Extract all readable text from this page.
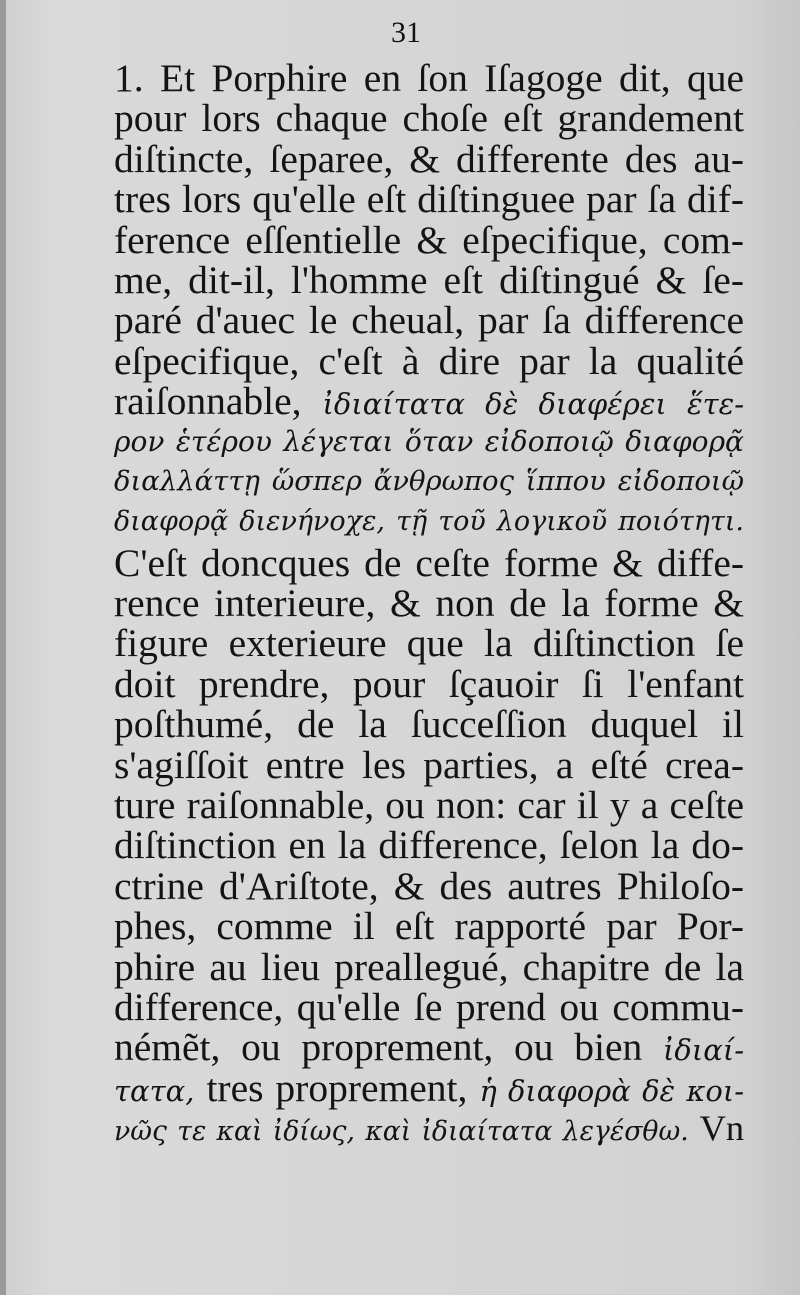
31
1. Et Porphire en ſon Iſagoge dit, que
pour lors chaque choſe eſt grandement
diſtincte, ſeparee, & differente des au-
tres lors qu'elle eſt diſtinguee par ſa dif-
ference eſſentielle & eſpecifique, com-
me, dit-il, l'homme eſt diſtingué & ſe-
paré d'auec le cheual, par ſa difference
eſpecifique, c'eſt à dire par la qualité
raiſonnable, ἰδιαίτατα δὲ διαφέρει ἕτε-
ρον ἑτέρου λέγεται ὅταν εἰδοποιῷ διαφορᾷ
διαλλάττῃ ὥσπερ ἄνθρωπος ἵππου εἰδοποιῷ
διαφορᾷ διενήνοχε, τῇ τοῦ λογικοῦ ποιότητι.
C'eſt doncques de ceſte forme & diffe-
rence interieure, & non de la forme &
figure exterieure que la diſtinction ſe
doit prendre, pour ſçauoir ſi l'enfant
poſthumé, de la ſucceſſion duquel il
s'agiſſoit entre les parties, a eſté crea-
ture raiſonnable, ou non: car il y a ceſte
diſtinction en la difference, ſelon la do-
ctrine d'Ariſtote, & des autres Philoſo-
phes, comme il eſt rapporté par Por-
phire au lieu preallegué, chapitre de la
difference, qu'elle ſe prend ou commu-
némẽt, ou proprement, ou bien ἰδιαί-
τατα, tres proprement, ἡ διαφορὰ δὲ κοι-
νῶς τε καὶ ἰδίως, καὶ ἰδιαίτατα λεγέσθω. Vn
